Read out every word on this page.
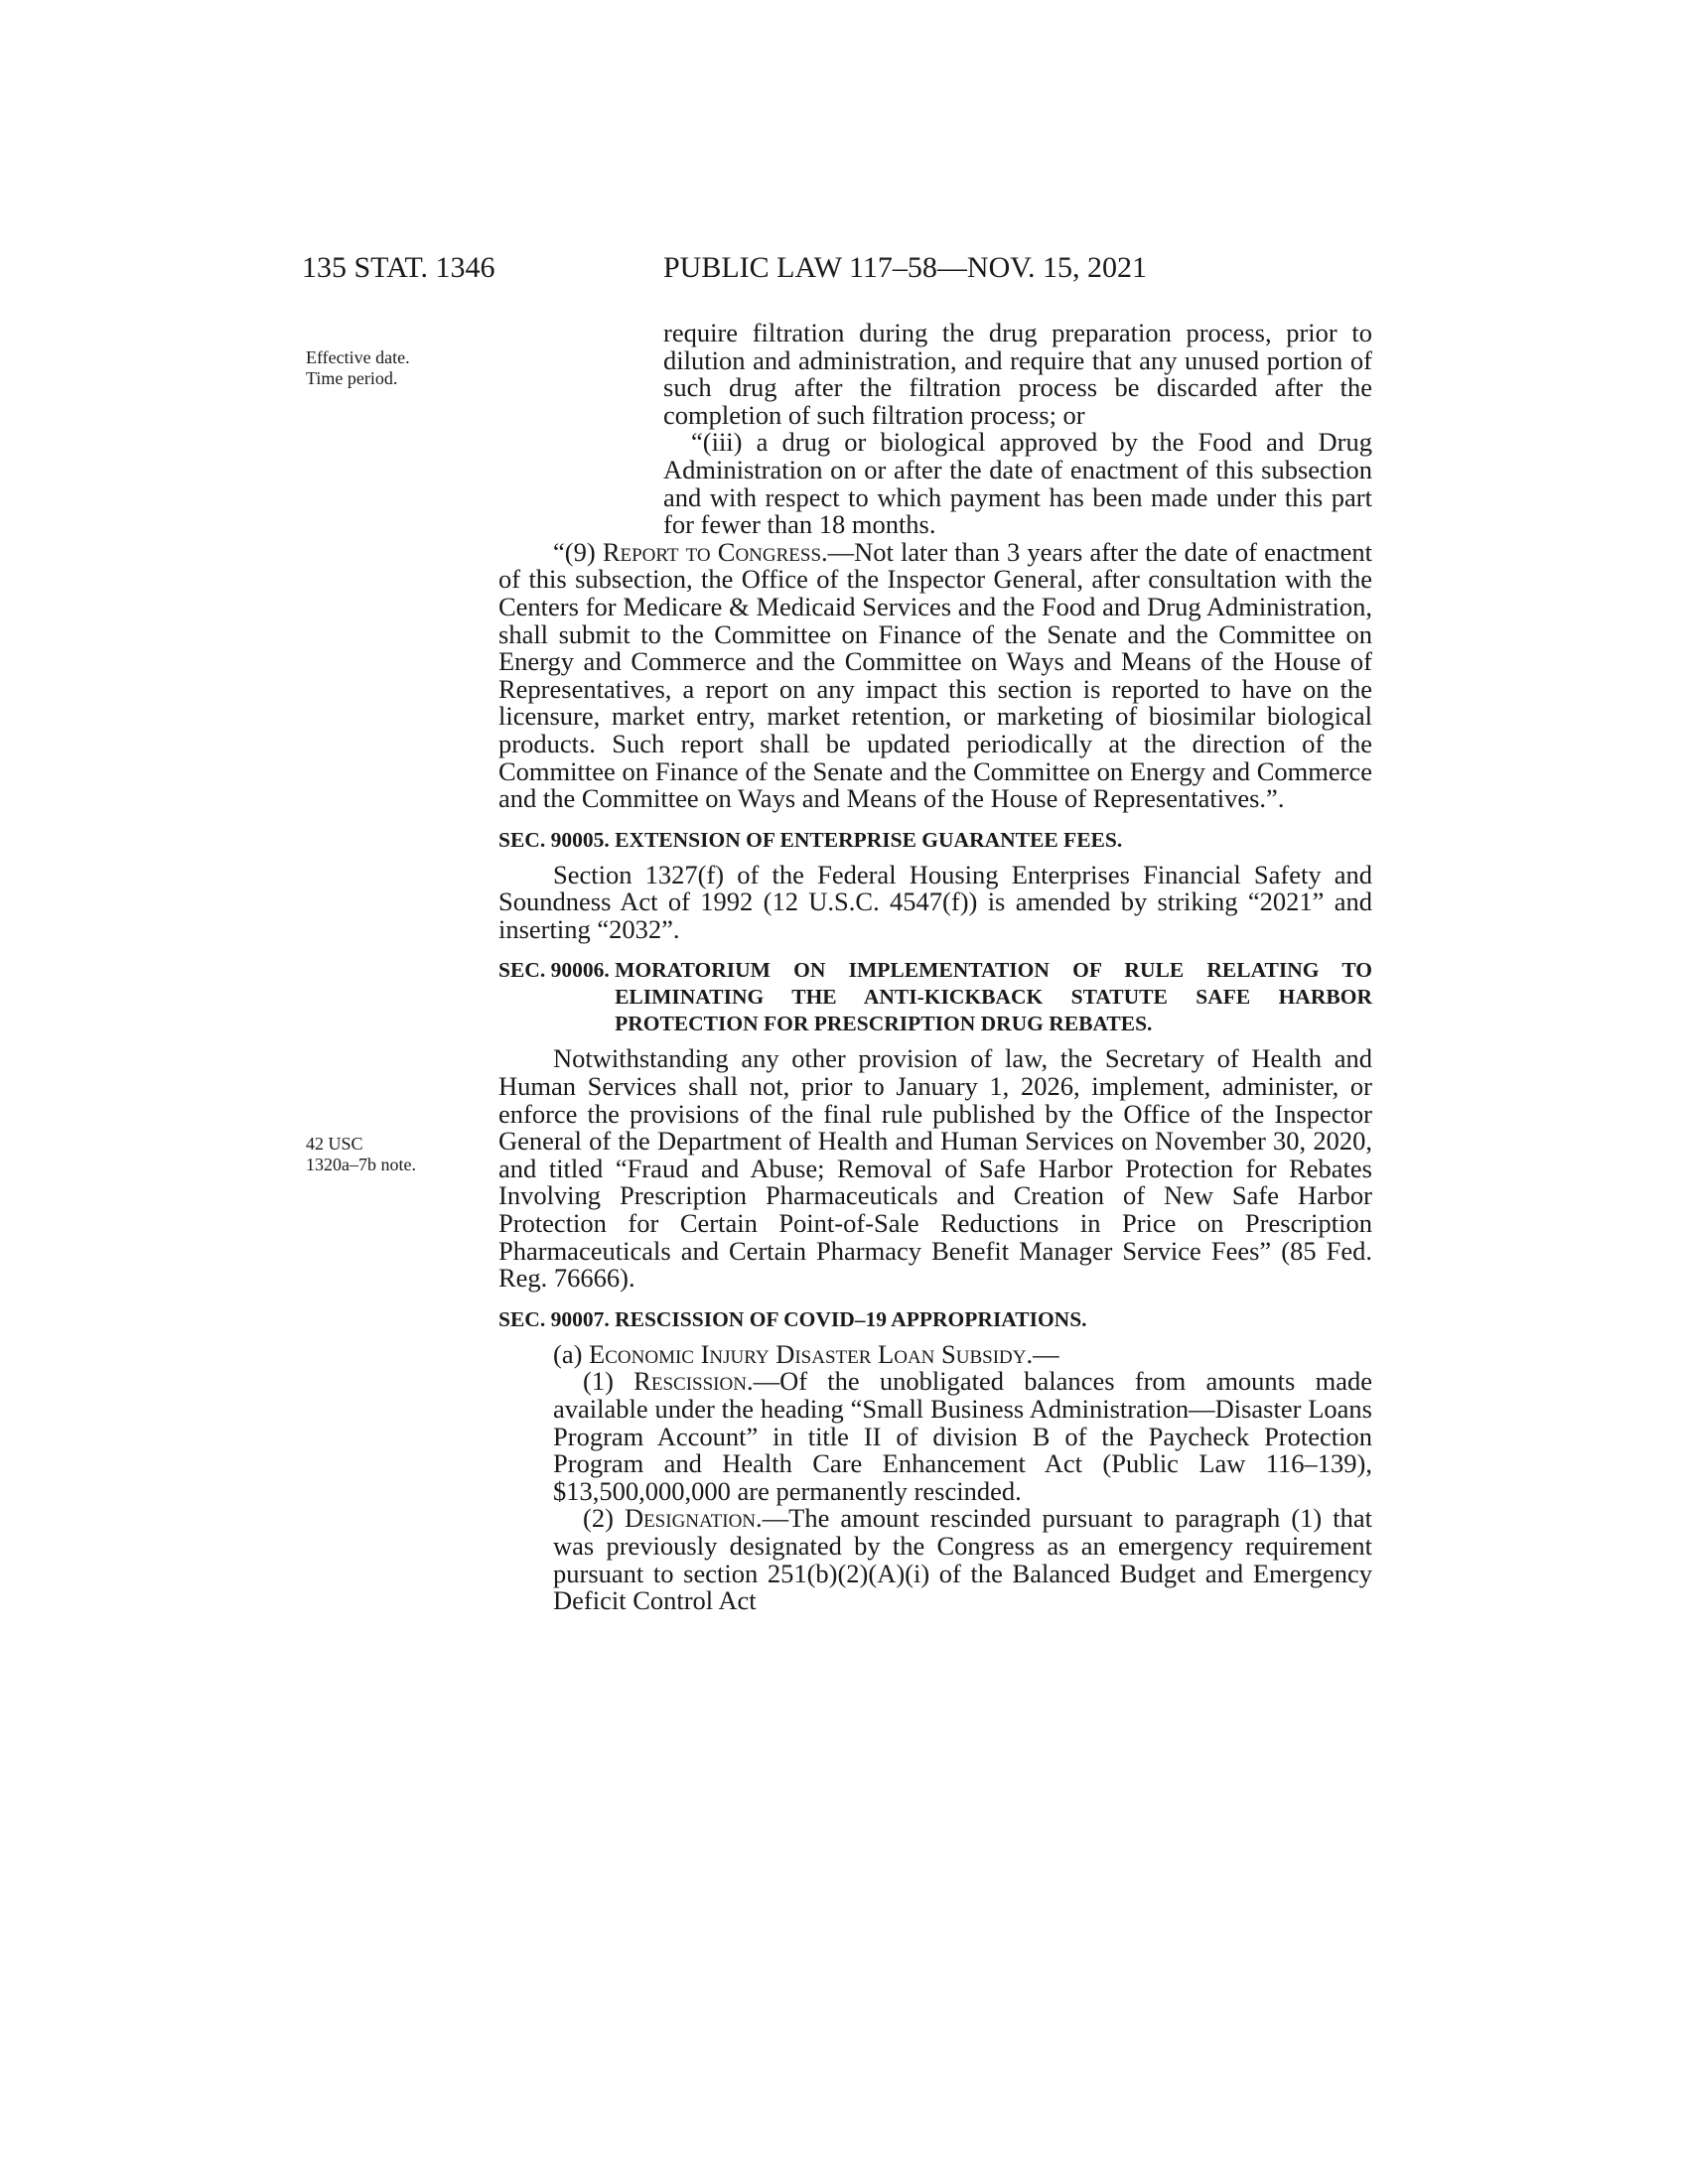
135 STAT. 1346	PUBLIC LAW 117–58—NOV. 15, 2021
Effective date.
Time period.
42 USC
1320a–7b note.

require filtration during the drug preparation process, prior to dilution and administration, and require that any unused portion of such drug after the filtration process be discarded after the completion of such filtration process; or

“(iii) a drug or biological approved by the Food and Drug Administration on or after the date of enactment of this subsection and with respect to which payment has been made under this part for fewer than 18 months.

“(9) Report to Congress.—Not later than 3 years after the date of enactment of this subsection, the Office of the Inspector General, after consultation with the Centers for Medicare & Medicaid Services and the Food and Drug Administration, shall submit to the Committee on Finance of the Senate and the Committee on Energy and Commerce and the Committee on Ways and Means of the House of Representatives, a report on any impact this section is reported to have on the licensure, market entry, market retention, or marketing of biosimilar biological products. Such report shall be updated periodically at the direction of the Committee on Finance of the Senate and the Committee on Energy and Commerce and the Committee on Ways and Means of the House of Representatives.”.

SEC. 90005. EXTENSION OF ENTERPRISE GUARANTEE FEES.

Section 1327(f) of the Federal Housing Enterprises Financial Safety and Soundness Act of 1992 (12 U.S.C. 4547(f)) is amended by striking “2021” and inserting “2032”.

SEC. 90006. MORATORIUM ON IMPLEMENTATION OF RULE RELATING TO ELIMINATING THE ANTI-KICKBACK STATUTE SAFE HARBOR PROTECTION FOR PRESCRIPTION DRUG REBATES.

Notwithstanding any other provision of law, the Secretary of Health and Human Services shall not, prior to January 1, 2026, implement, administer, or enforce the provisions of the final rule published by the Office of the Inspector General of the Department of Health and Human Services on November 30, 2020, and titled “Fraud and Abuse; Removal of Safe Harbor Protection for Rebates Involving Prescription Pharmaceuticals and Creation of New Safe Harbor Protection for Certain Point-of-Sale Reductions in Price on Prescription Pharmaceuticals and Certain Pharmacy Benefit Manager Service Fees” (85 Fed. Reg. 76666).

SEC. 90007. RESCISSION OF COVID–19 APPROPRIATIONS.

(a) Economic Injury Disaster Loan Subsidy.—

(1) Rescission.—Of the unobligated balances from amounts made available under the heading “Small Business Administration—Disaster Loans Program Account” in title II of division B of the Paycheck Protection Program and Health Care Enhancement Act (Public Law 116–139), $13,500,000,000 are permanently rescinded.

(2) Designation.—The amount rescinded pursuant to paragraph (1) that was previously designated by the Congress as an emergency requirement pursuant to section 251(b)(2)(A)(i) of the Balanced Budget and Emergency Deficit Control Act
